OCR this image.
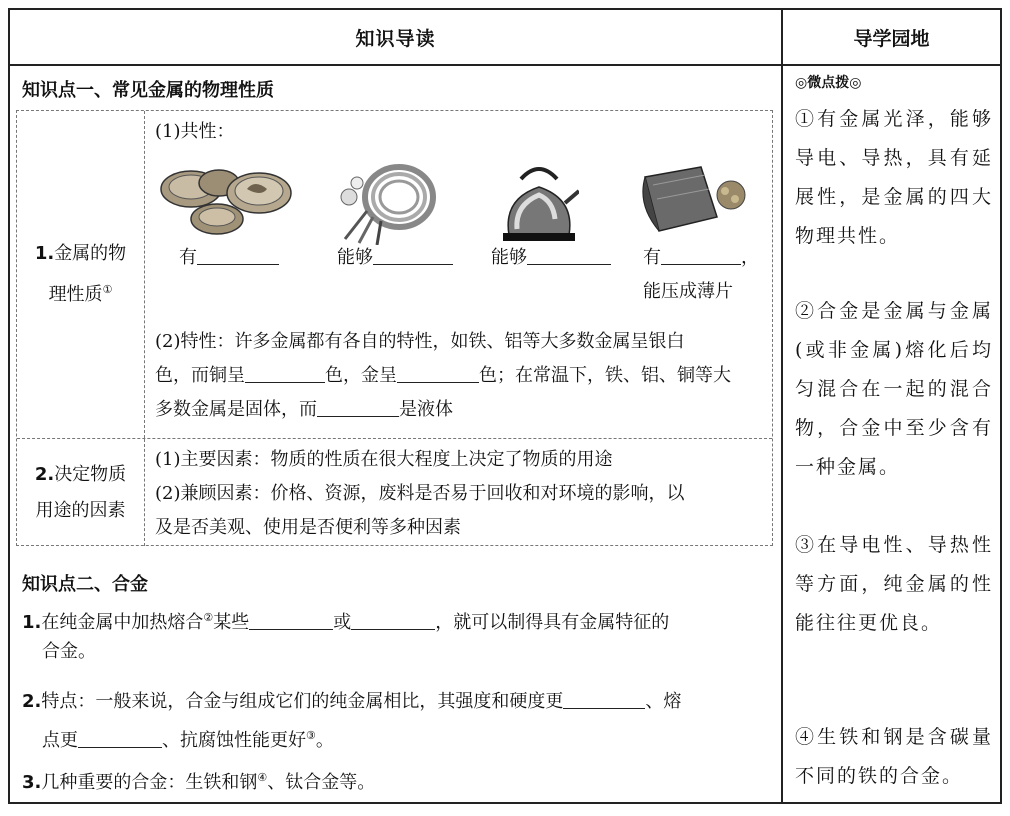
知识导读
知识点一、常见金属的物理性质
1.金属的物
理性质①
(1)共性：
有	能够	能够	有	，
能压成薄片
(2)特性：许多金属都有各自的特性，如铁、铝等大多数金属呈银白
色，而铜呈	色，金呈	色；在常温下，铁、铝、铜等大
多数金属是固体，而	是液体
2.决定物质
用途的因素
(1)主要因素：物质的性质在很大程度上决定了物质的用途
(2)兼顾因素：价格、资源，废料是否易于回收和对环境的影响，以
及是否美观、使用是否便利等多种因素
知识点二、合金
1.在纯金属中加热熔合②某些	或	，就可以制得具有金属特征的
合金。
2.特点：一般来说，合金与组成它们的纯金属相比，其强度和硬度更	、熔
点更	、抗腐蚀性能更好③。
3.几种重要的合金：生铁和钢④、钛合金等。
导学园地
◎微点拨◎
①有金属光泽，能够导电、导热，具有延展性，是金属的四大物理共性。
②合金是金属与金属(或非金属)熔化后均匀混合在一起的混合物，合金中至少含有一种金属。
③在导电性、导热性等方面，纯金属的性能往往更优良。
④生铁和钢是含碳量不同的铁的合金。
